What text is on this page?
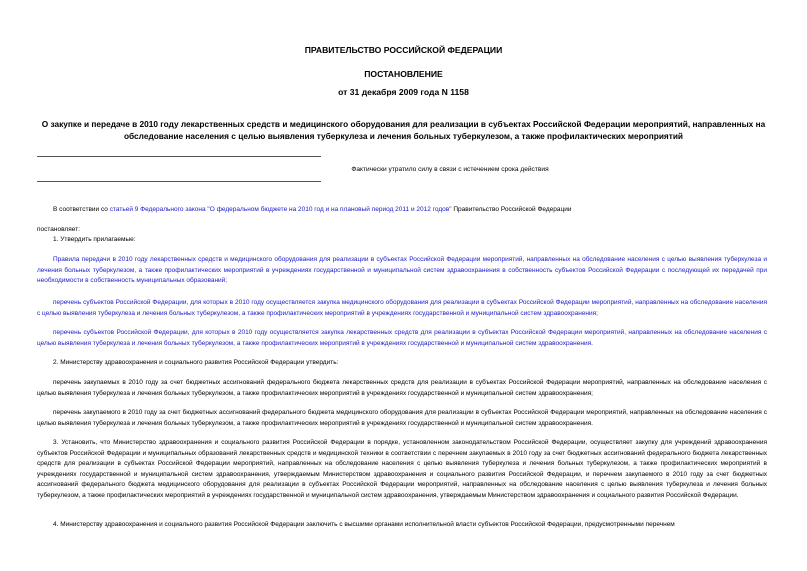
ПРАВИТЕЛЬСТВО РОССИЙСКОЙ ФЕДЕРАЦИИ
ПОСТАНОВЛЕНИЕ
от 31 декабря 2009 года N 1158
О закупке и передаче в 2010 году лекарственных средств и медицинского оборудования для реализации в субъектах Российской Федерации мероприятий, направленных на обследование населения с целью выявления туберкулеза и лечения больных туберкулезом, а также профилактических мероприятий
Фактически утратило силу в связи с истечением срока действия

В соответствии со статьей 9 Федерального закона "О федеральном бюджете на 2010 год и на плановый период 2011 и 2012 годов" Правительство Российской Федерации

постановляет:

1. Утвердить прилагаемые:

Правила передачи в 2010 году лекарственных средств и медицинского оборудования для реализации в субъектах Российской Федерации мероприятий, направленных на обследование населения с целью выявления туберкулеза и лечения больных туберкулезом, а также профилактических мероприятий в учреждениях государственной и муниципальной систем здравоохранения в собственность субъектов Российской Федерации с последующей их передачей при необходимости в собственность муниципальных образований;

перечень субъектов Российской Федерации, для которых в 2010 году осуществляется закупка медицинского оборудования для реализации в субъектах Российской Федерации мероприятий, направленных на обследование населения с целью выявления туберкулеза и лечения больных туберкулезом, а также профилактических мероприятий в учреждениях государственной и муниципальной систем здравоохранения;

перечень субъектов Российской Федерации, для которых в 2010 году осуществляется закупка лекарственных средств для реализации в субъектах Российской Федерации мероприятий, направленных на обследование населения с целью выявления туберкулеза и лечения больных туберкулезом, а также профилактических мероприятий в учреждениях государственной и муниципальной систем здравоохранения.

2. Министерству здравоохранения и социального развития Российской Федерации утвердить:

перечень закупаемых в 2010 году за счет бюджетных ассигнований федерального бюджета лекарственных средств для реализации в субъектах Российской Федерации мероприятий, направленных на обследование населения с целью выявления туберкулеза и лечения больных туберкулезом, а также профилактических мероприятий в учреждениях государственной и муниципальной систем здравоохранения;

перечень закупаемого в 2010 году за счет бюджетных ассигнований федерального бюджета медицинского оборудования для реализации в субъектах Российской Федерации мероприятий, направленных на обследование населения с целью выявления туберкулеза и лечения больных туберкулезом, а также профилактических мероприятий в учреждениях государственной и муниципальной систем здравоохранения.

3. Установить, что Министерство здравоохранения и социального развития Российской Федерации в порядке, установленном законодательством Российской Федерации, осуществляет закупку для учреждений здравоохранения субъектов Российской Федерации и муниципальных образований лекарственных средств и медицинской техники в соответствии с перечнем закупаемых в 2010 году за счет бюджетных ассигнований федерального бюджета лекарственных средств для реализации в субъектах Российской Федерации мероприятий, направленных на обследование населения с целью выявления туберкулеза и лечения больных туберкулезом, а также профилактических мероприятий в учреждениях государственной и муниципальной систем здравоохранения, утверждаемым Министерством здравоохранения и социального развития Российской Федерации, и перечнем закупаемого в 2010 году за счет бюджетных ассигнований федерального бюджета медицинского оборудования для реализации в субъектах Российской Федерации мероприятий, направленных на обследование населения с целью выявления туберкулеза и лечения больных туберкулезом, а также профилактических мероприятий в учреждениях государственной и муниципальной систем здравоохранения, утверждаемым Министерством здравоохранения и социального развития Российской Федерации.

4. Министерству здравоохранения и социального развития Российской Федерации заключить с высшими органами исполнительной власти субъектов Российской Федерации, предусмотренными перечнем
